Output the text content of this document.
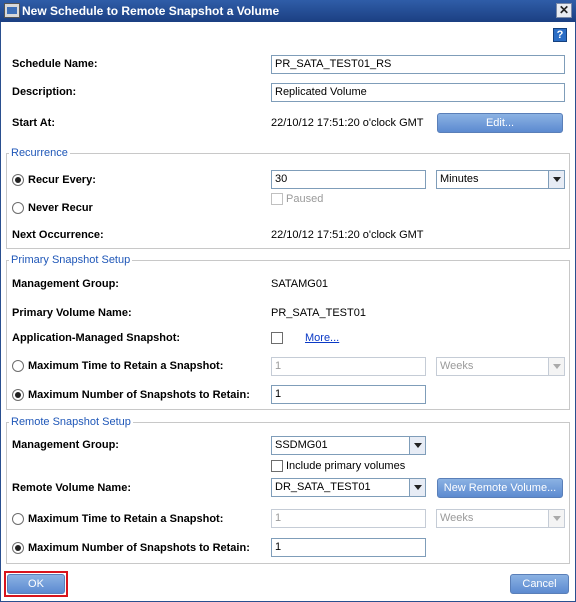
New Schedule to Remote Snapshot a Volume	✕
?
Schedule Name:	PR_SATA_TEST01_RS
Description:	Replicated Volume
Start At:	22/10/12 17:51:20 o'clock GMT	Edit...
Recurrence
Recur Every:	30	Minutes
Never Recur
Paused
Next Occurrence:	22/10/12 17:51:20 o'clock GMT
Primary Snapshot Setup
Management Group:	SATAMG01
Primary Volume Name:	PR_SATA_TEST01
Application-Managed Snapshot:	More...
Maximum Time to Retain a Snapshot:	1	Weeks
Maximum Number of Snapshots to Retain:	1
Remote Snapshot Setup
Management Group:	SSDMG01
Include primary volumes
Remote Volume Name:	DR_SATA_TEST01	New Remote Volume...
Maximum Time to Retain a Snapshot:	1	Weeks
Maximum Number of Snapshots to Retain:	1
OK	Cancel
